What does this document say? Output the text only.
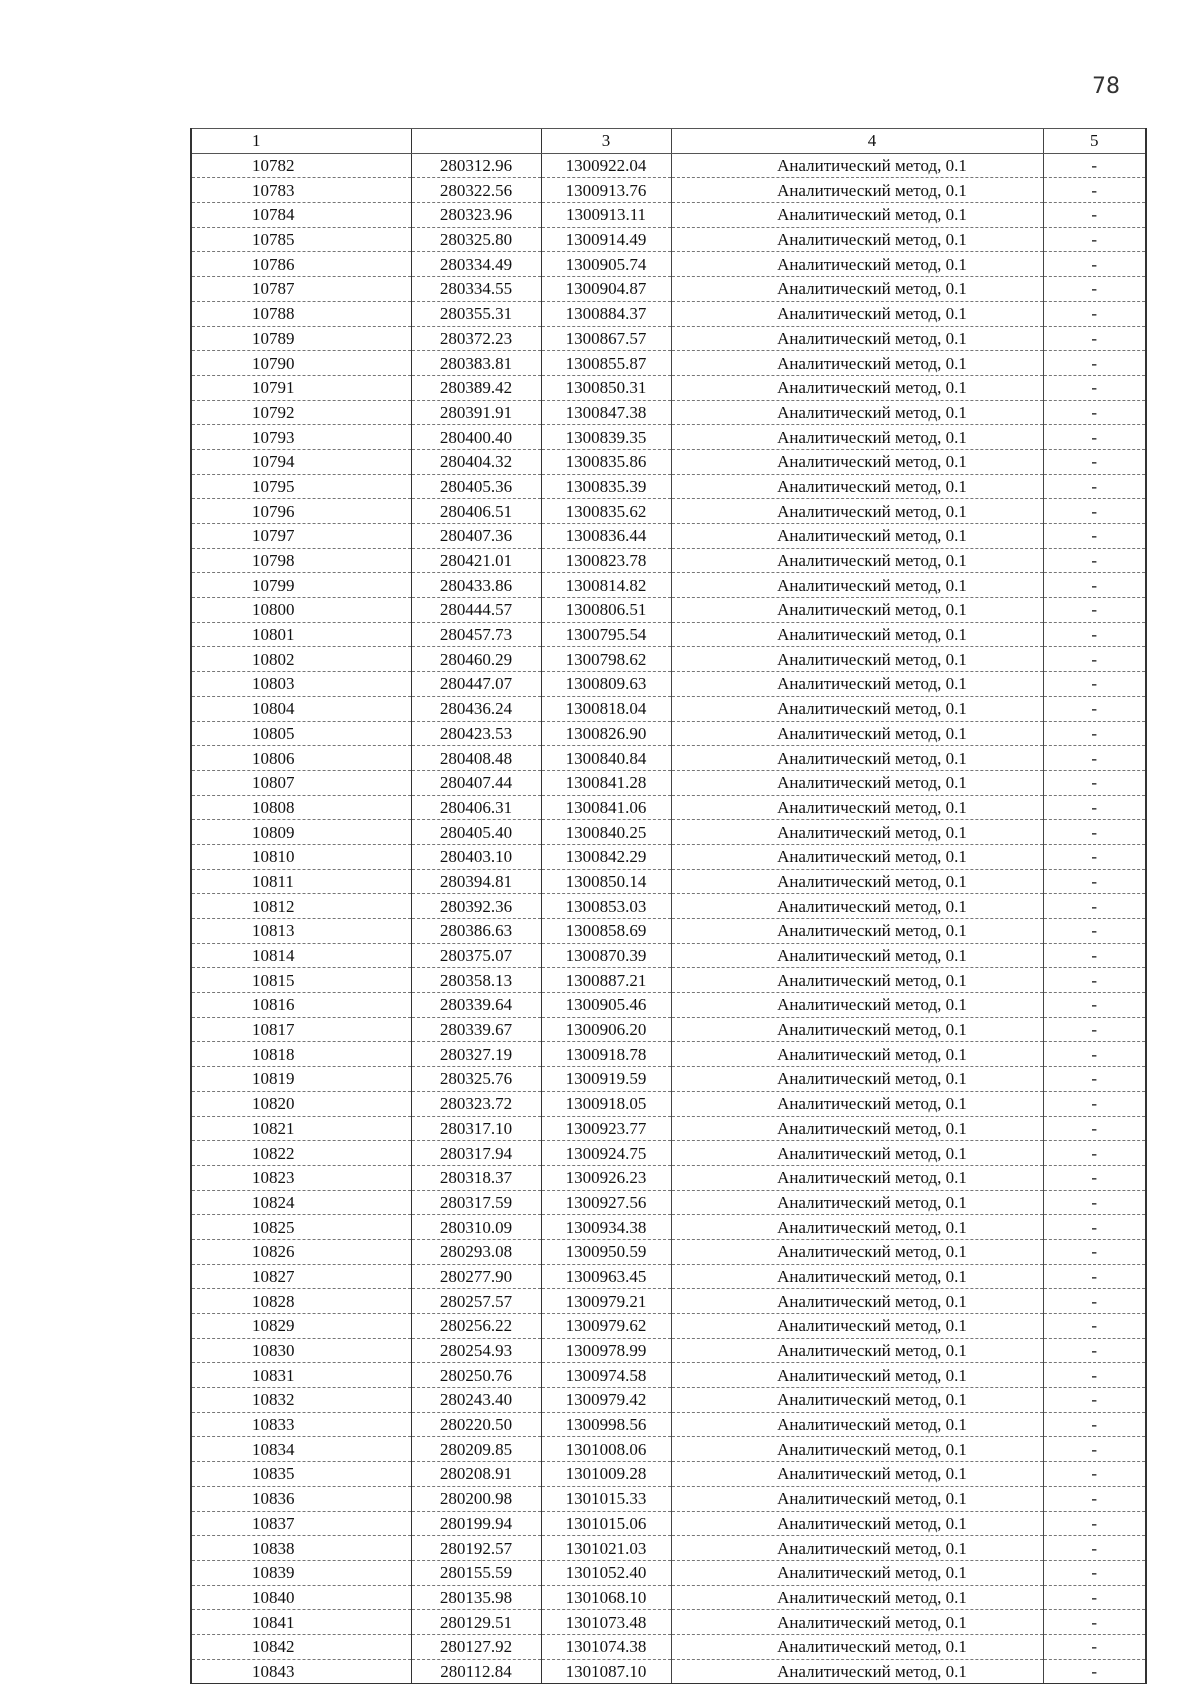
78
1		3	4	5
10782	280312.96	1300922.04	Аналитический метод, 0.1	-
10783	280322.56	1300913.76	Аналитический метод, 0.1	-
10784	280323.96	1300913.11	Аналитический метод, 0.1	-
10785	280325.80	1300914.49	Аналитический метод, 0.1	-
10786	280334.49	1300905.74	Аналитический метод, 0.1	-
10787	280334.55	1300904.87	Аналитический метод, 0.1	-
10788	280355.31	1300884.37	Аналитический метод, 0.1	-
10789	280372.23	1300867.57	Аналитический метод, 0.1	-
10790	280383.81	1300855.87	Аналитический метод, 0.1	-
10791	280389.42	1300850.31	Аналитический метод, 0.1	-
10792	280391.91	1300847.38	Аналитический метод, 0.1	-
10793	280400.40	1300839.35	Аналитический метод, 0.1	-
10794	280404.32	1300835.86	Аналитический метод, 0.1	-
10795	280405.36	1300835.39	Аналитический метод, 0.1	-
10796	280406.51	1300835.62	Аналитический метод, 0.1	-
10797	280407.36	1300836.44	Аналитический метод, 0.1	-
10798	280421.01	1300823.78	Аналитический метод, 0.1	-
10799	280433.86	1300814.82	Аналитический метод, 0.1	-
10800	280444.57	1300806.51	Аналитический метод, 0.1	-
10801	280457.73	1300795.54	Аналитический метод, 0.1	-
10802	280460.29	1300798.62	Аналитический метод, 0.1	-
10803	280447.07	1300809.63	Аналитический метод, 0.1	-
10804	280436.24	1300818.04	Аналитический метод, 0.1	-
10805	280423.53	1300826.90	Аналитический метод, 0.1	-
10806	280408.48	1300840.84	Аналитический метод, 0.1	-
10807	280407.44	1300841.28	Аналитический метод, 0.1	-
10808	280406.31	1300841.06	Аналитический метод, 0.1	-
10809	280405.40	1300840.25	Аналитический метод, 0.1	-
10810	280403.10	1300842.29	Аналитический метод, 0.1	-
10811	280394.81	1300850.14	Аналитический метод, 0.1	-
10812	280392.36	1300853.03	Аналитический метод, 0.1	-
10813	280386.63	1300858.69	Аналитический метод, 0.1	-
10814	280375.07	1300870.39	Аналитический метод, 0.1	-
10815	280358.13	1300887.21	Аналитический метод, 0.1	-
10816	280339.64	1300905.46	Аналитический метод, 0.1	-
10817	280339.67	1300906.20	Аналитический метод, 0.1	-
10818	280327.19	1300918.78	Аналитический метод, 0.1	-
10819	280325.76	1300919.59	Аналитический метод, 0.1	-
10820	280323.72	1300918.05	Аналитический метод, 0.1	-
10821	280317.10	1300923.77	Аналитический метод, 0.1	-
10822	280317.94	1300924.75	Аналитический метод, 0.1	-
10823	280318.37	1300926.23	Аналитический метод, 0.1	-
10824	280317.59	1300927.56	Аналитический метод, 0.1	-
10825	280310.09	1300934.38	Аналитический метод, 0.1	-
10826	280293.08	1300950.59	Аналитический метод, 0.1	-
10827	280277.90	1300963.45	Аналитический метод, 0.1	-
10828	280257.57	1300979.21	Аналитический метод, 0.1	-
10829	280256.22	1300979.62	Аналитический метод, 0.1	-
10830	280254.93	1300978.99	Аналитический метод, 0.1	-
10831	280250.76	1300974.58	Аналитический метод, 0.1	-
10832	280243.40	1300979.42	Аналитический метод, 0.1	-
10833	280220.50	1300998.56	Аналитический метод, 0.1	-
10834	280209.85	1301008.06	Аналитический метод, 0.1	-
10835	280208.91	1301009.28	Аналитический метод, 0.1	-
10836	280200.98	1301015.33	Аналитический метод, 0.1	-
10837	280199.94	1301015.06	Аналитический метод, 0.1	-
10838	280192.57	1301021.03	Аналитический метод, 0.1	-
10839	280155.59	1301052.40	Аналитический метод, 0.1	-
10840	280135.98	1301068.10	Аналитический метод, 0.1	-
10841	280129.51	1301073.48	Аналитический метод, 0.1	-
10842	280127.92	1301074.38	Аналитический метод, 0.1	-
10843	280112.84	1301087.10	Аналитический метод, 0.1	-
